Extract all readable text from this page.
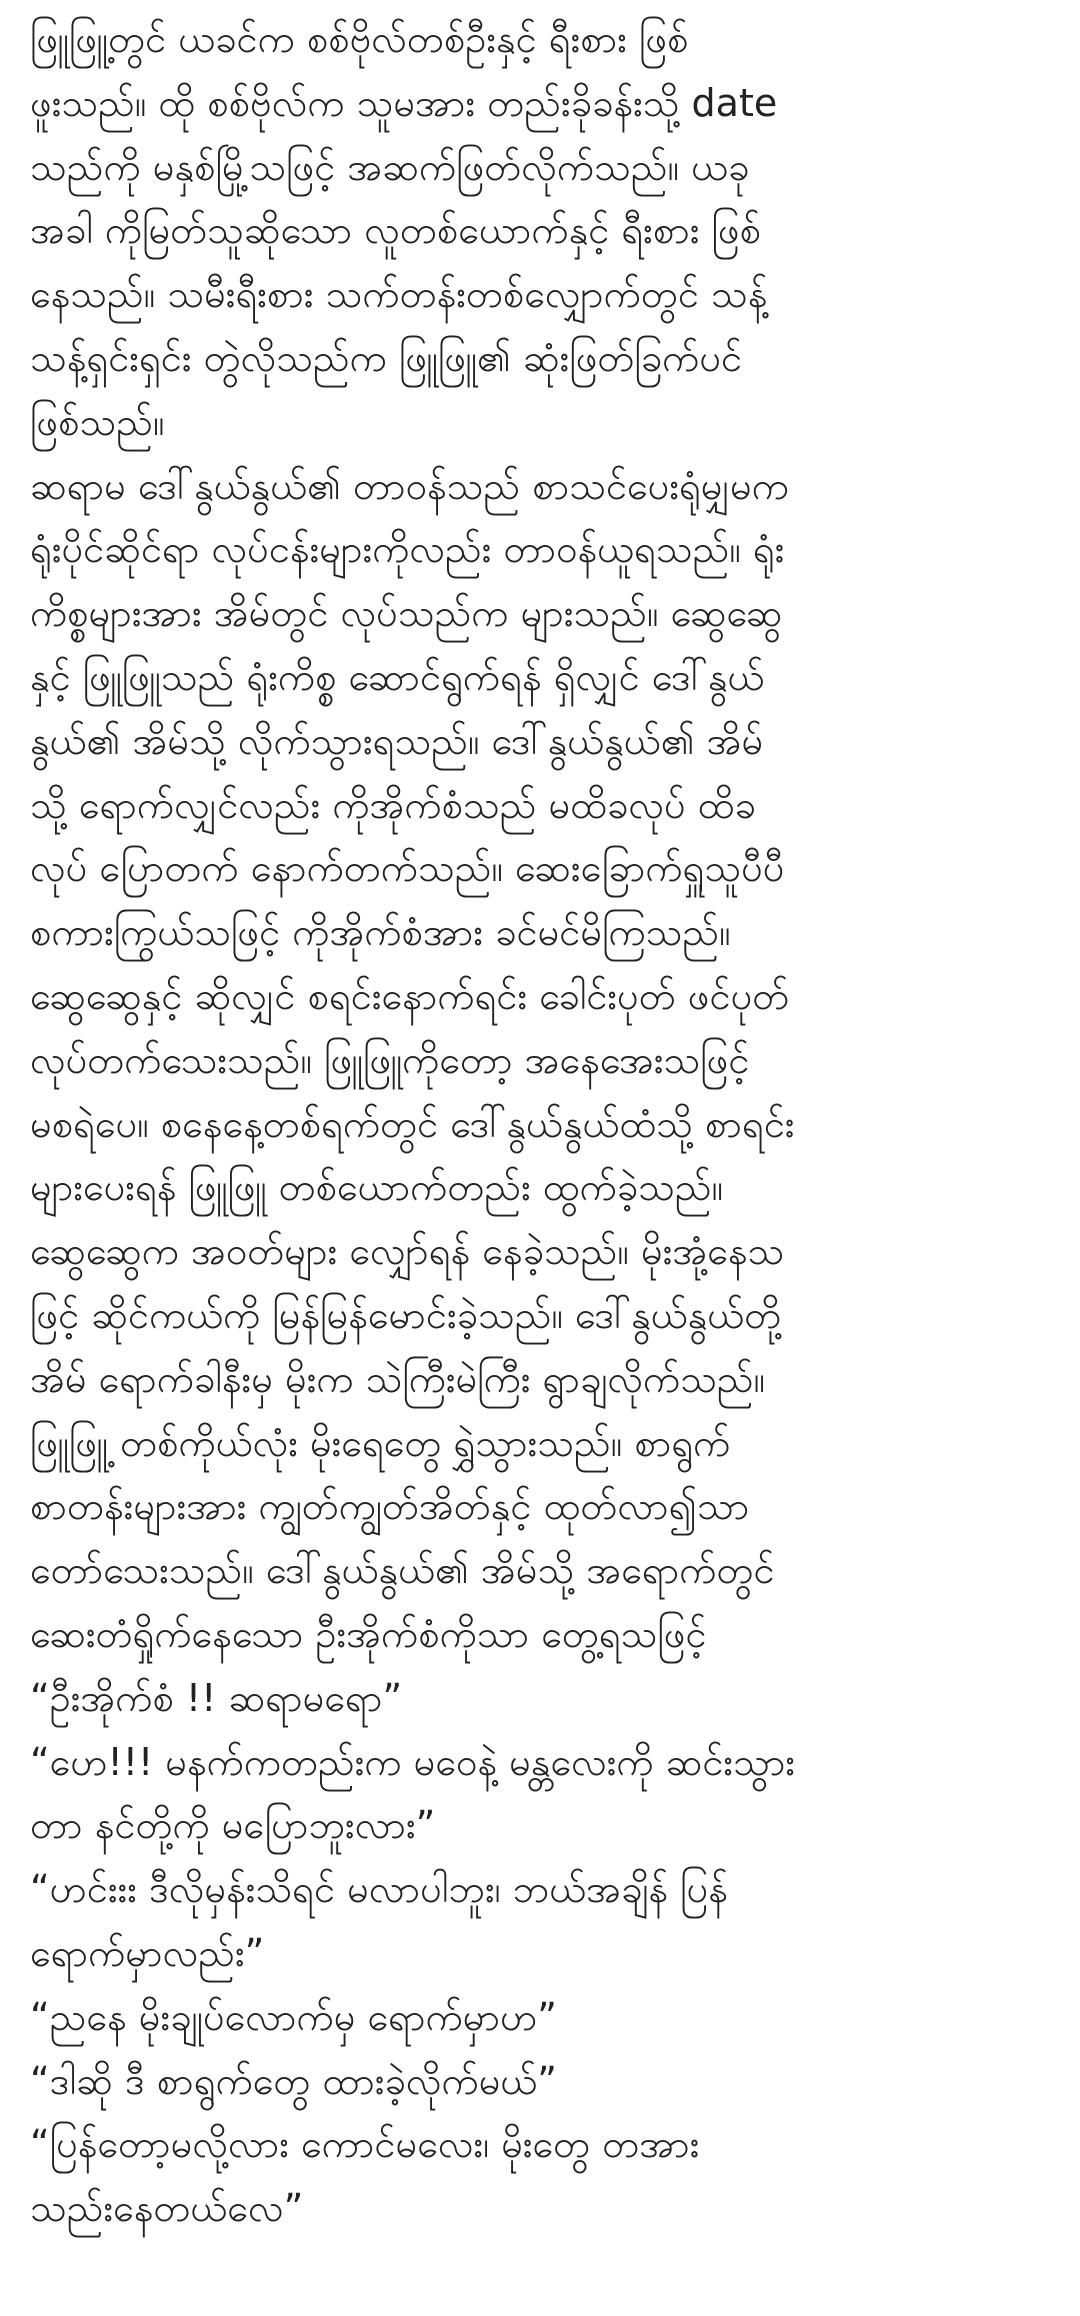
ဖြူဖြူ့တွင် ယခင်က စစ်ဗိုလ်တစ်ဦးနှင့် ရီးစား ဖြစ်
ဖူးသည်။ ထို စစ်ဗိုလ်က သူမအား တည်းခိုခန်းသို့ date
သည်ကို မနှစ်မြို့သဖြင့် အဆက်ဖြတ်လိုက်သည်။ ယခု
အခါ ကိုမြတ်သူဆိုသော လူတစ်ယောက်နှင့် ရီးစား ဖြစ်
နေသည်။ သမီးရီးစား သက်တန်းတစ်လျှောက်တွင် သန့်
သန့်ရှင်းရှင်း တွဲလိုသည်က ဖြူဖြူ၏ ဆုံးဖြတ်ခြက်ပင်
ဖြစ်သည်။
ဆရာမ ဒေါ်နွယ်နွယ်၏ တာဝန်သည် စာသင်ပေးရုံမျှမက
ရုံးပိုင်ဆိုင်ရာ လုပ်ငန်းများကိုလည်း တာဝန်ယူရသည်။ ရုံး
ကိစ္စများအား အိမ်တွင် လုပ်သည်က များသည်။ ဆွေဆွေ
နှင့် ဖြူဖြူသည် ရုံးကိစ္စ ဆောင်ရွက်ရန် ရှိလျှင် ဒေါ်နွယ်
နွယ်၏ အိမ်သို့ လိုက်သွားရသည်။ ဒေါ်နွယ်နွယ်၏ အိမ်
သို့ ရောက်လျှင်လည်း ကိုအိုက်စံသည် မထိခလုပ် ထိခ
လုပ် ပြောတက် နောက်တက်သည်။ ဆေးခြောက်ရှူသူပီပီ
စကားကြွယ်သဖြင့် ကိုအိုက်စံအား ခင်မင်မိကြသည်။
ဆွေဆွေနှင့် ဆိုလျှင် စရင်းနောက်ရင်း ခေါင်းပုတ် ဖင်ပုတ်
လုပ်တက်သေးသည်။ ဖြူဖြူကိုတော့ အနေအေးသဖြင့်
မစရဲပေ။ စနေနေ့တစ်ရက်တွင် ဒေါ်နွယ်နွယ်ထံသို့ စာရင်း
များပေးရန် ဖြူဖြူ တစ်ယောက်တည်း ထွက်ခဲ့သည်။
ဆွေဆွေက အဝတ်များ လျှော်ရန် နေခဲ့သည်။ မိုးအုံ့နေသ
ဖြင့် ဆိုင်ကယ်ကို မြန်မြန်မောင်းခဲ့သည်။ ဒေါ်နွယ်နွယ်တို့
အိမ် ရောက်ခါနီးမှ မိုးက သဲကြီးမဲကြီး ရွာချလိုက်သည်။
ဖြူဖြူ့ တစ်ကိုယ်လုံး မိုးရေတွေ ရွှဲသွားသည်။ စာရွက်
စာတန်းများအား ကျွတ်ကျွတ်အိတ်နှင့် ထုတ်လာ၍သာ
တော်သေးသည်။ ဒေါ်နွယ်နွယ်၏ အိမ်သို့ အရောက်တွင်
ဆေးတံရှိုက်နေသော ဦးအိုက်စံကိုသာ တွေ့ရသဖြင့်
“ဦးအိုက်စံ !! ဆရာမရော”
“ဟေ!!! မနက်ကတည်းက မဝေနဲ့ မန္တလေးကို ဆင်းသွား
တာ နင်တို့ကို မပြောဘူးလား”
“ဟင်းးး ဒီလိုမှန်းသိရင် မလာပါဘူး၊ ဘယ်အချိန် ပြန်
ရောက်မှာလည်း”
“ညနေ မိုးချုပ်လောက်မှ ရောက်မှာဟ”
“ဒါဆို ဒီ စာရွက်တွေ ထားခဲ့လိုက်မယ်”
“ပြန်တော့မလို့လား ကောင်မလေး၊ မိုးတွေ တအား
သည်းနေတယ်လေ”
